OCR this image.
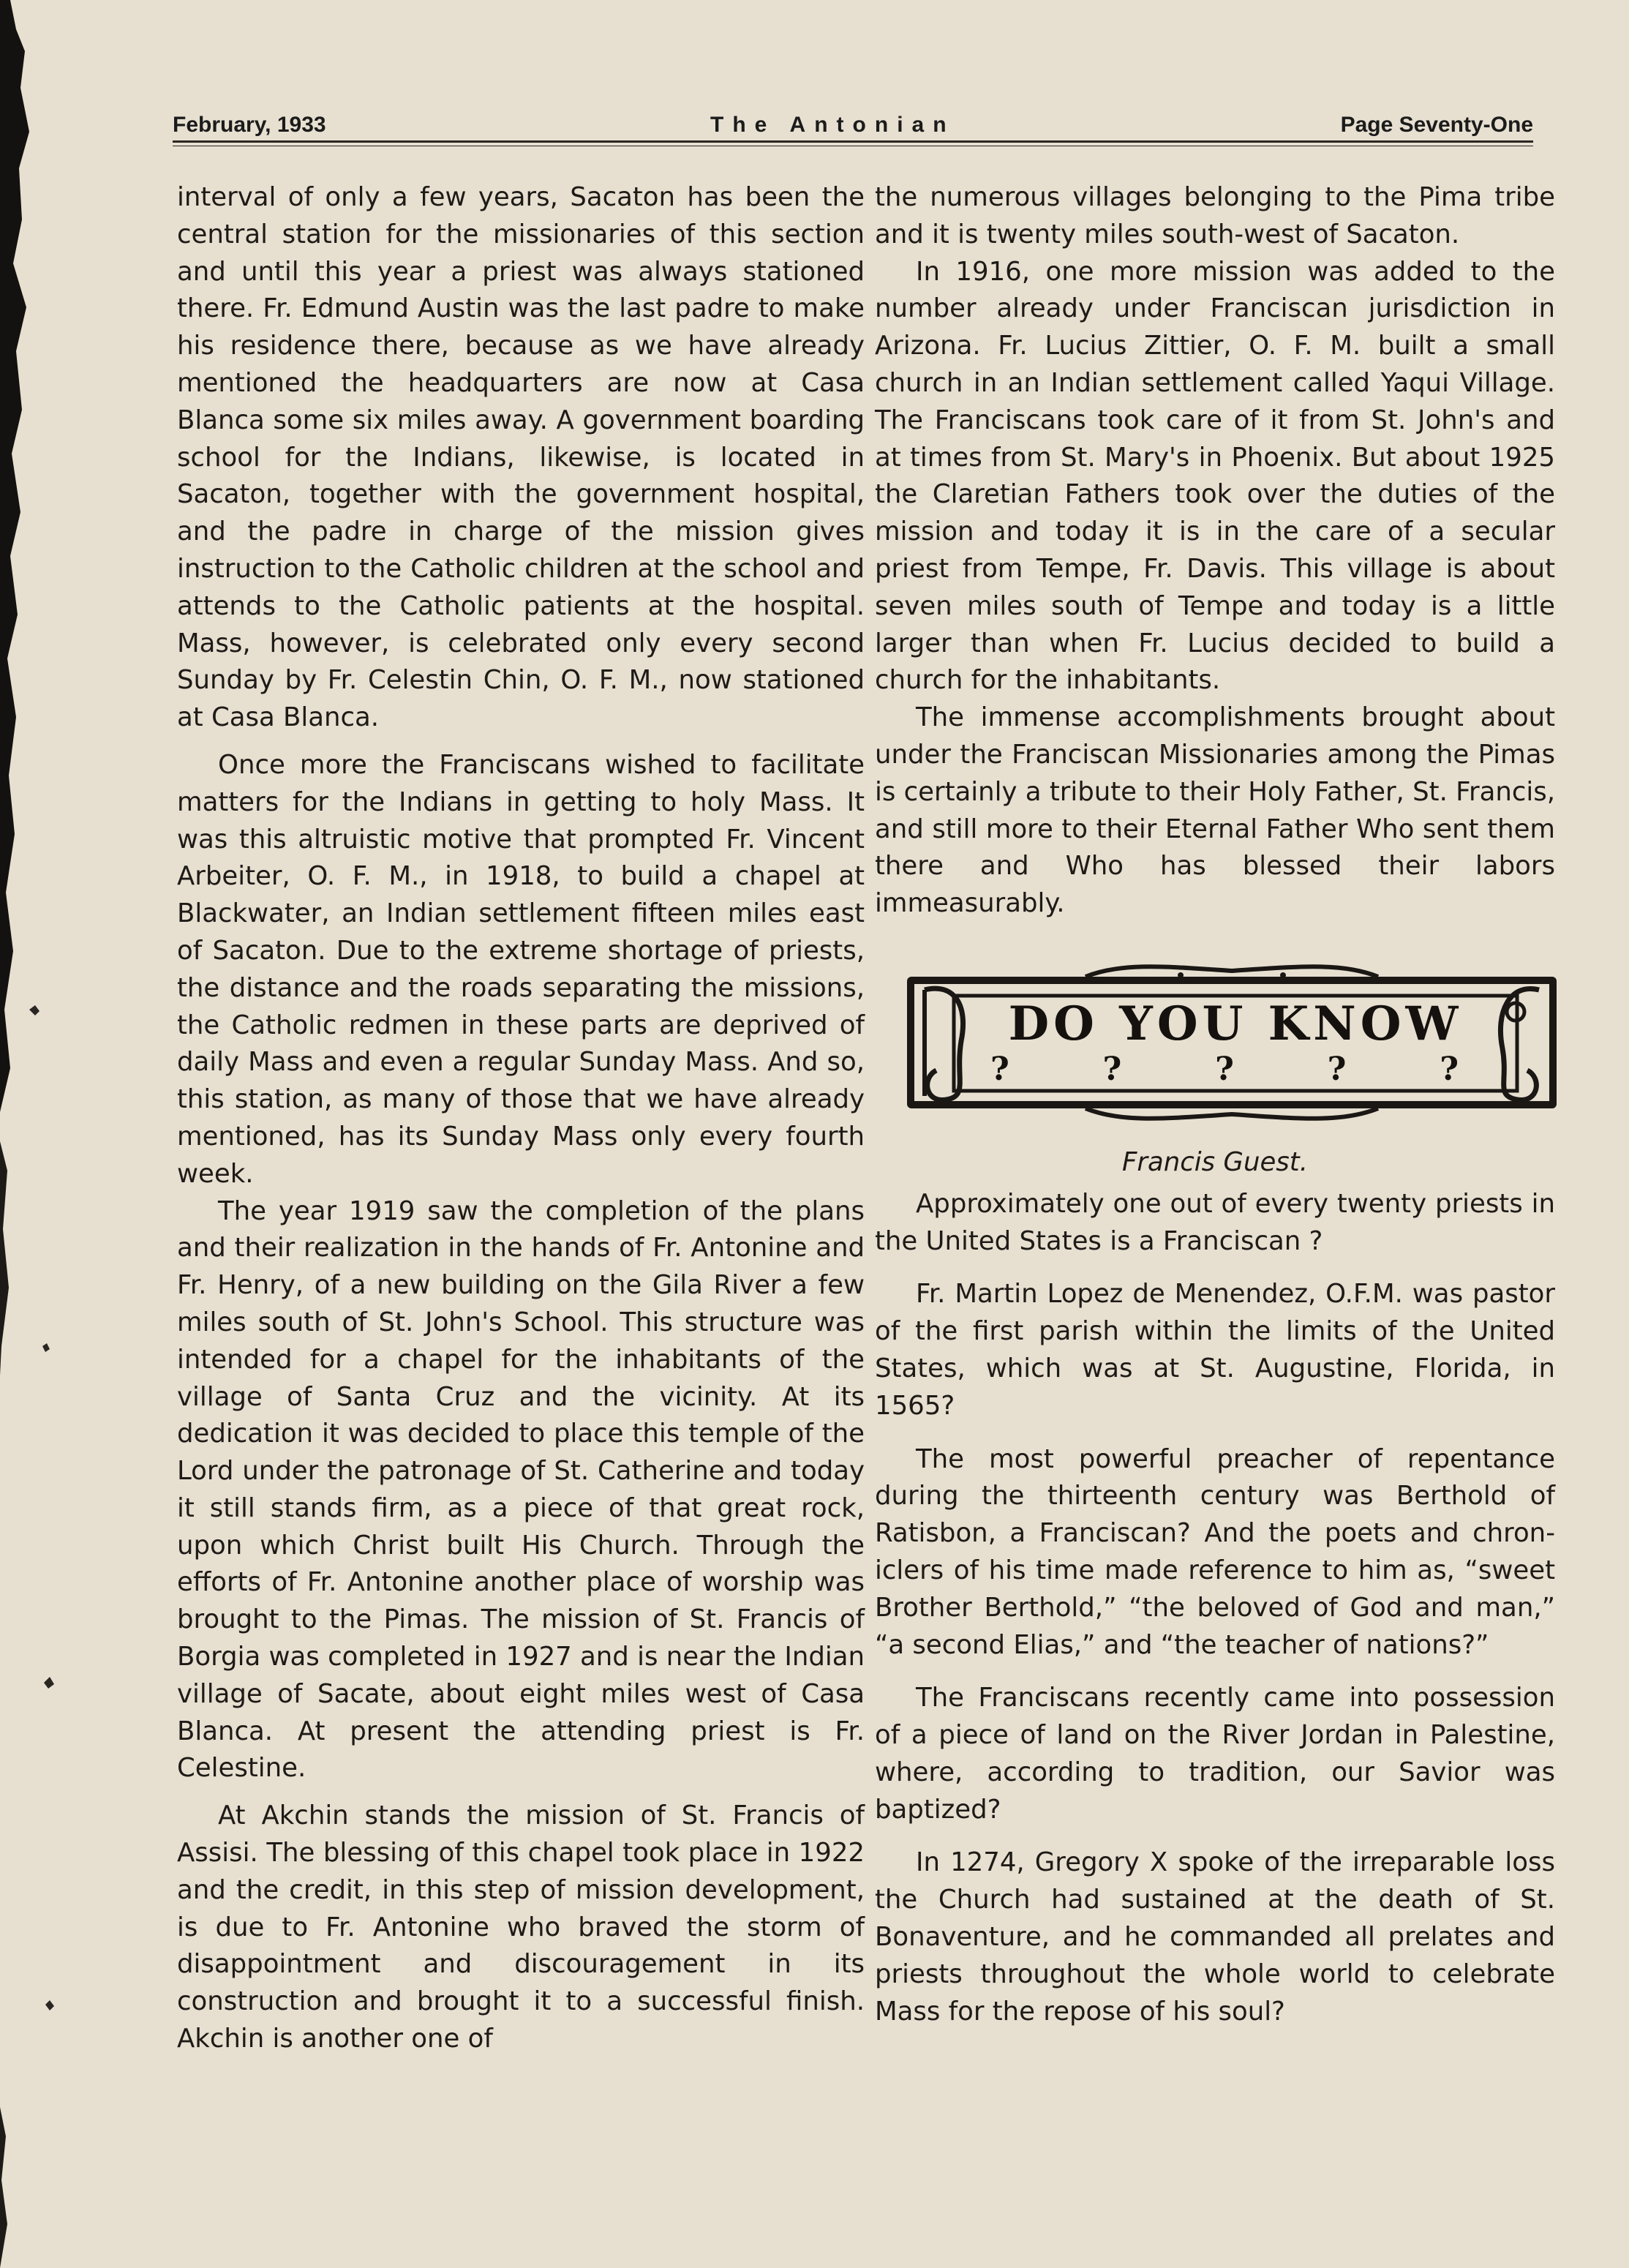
February, 1933	The Antonian	Page Seventy-One

interval of only a few years, Sacaton has been the central station for the missionaries of this section and until this year a priest was always stationed there. Fr. Edmund Austin was the last padre to make his residence there, because as we have already mentioned the headquarters are now at Casa Blanca some six miles away. A government boarding school for the Indians, likewise, is located in Sacaton, together with the government hospital, and the padre in charge of the mission gives instruction to the Catholic children at the school and attends to the Catholic patients at the hospital. Mass, however, is celebrated only every second Sunday by Fr. Celestin Chin, O. F. M., now stationed at Casa Blanca.

Once more the Franciscans wished to facilitate matters for the Indians in getting to holy Mass. It was this altruistic motive that prompted Fr. Vincent Arbeiter, O. F. M., in 1918, to build a chapel at Blackwater, an Indian settlement fifteen miles east of Sacaton. Due to the extreme shortage of priests, the distance and the roads separating the missions, the Catholic redmen in these parts are deprived of daily Mass and even a regular Sunday Mass. And so, this station, as many of those that we have already mentioned, has its Sunday Mass only every fourth week.

The year 1919 saw the completion of the plans and their realization in the hands of Fr. Antonine and Fr. Henry, of a new building on the Gila River a few miles south of St. John's School. This structure was intended for a chapel for the inhabitants of the village of Santa Cruz and the vicinity. At its dedication it was decided to place this temple of the Lord under the patronage of St. Catherine and today it still stands firm, as a piece of that great rock, upon which Christ built His Church. Through the efforts of Fr. Antonine another place of worship was brought to the Pimas. The mission of St. Francis of Borgia was completed in 1927 and is near the Indian village of Sacate, about eight miles west of Casa Blanca. At present the attending priest is Fr. Celestine.

At Akchin stands the mission of St. Francis of Assisi. The blessing of this chapel took place in 1922 and the credit, in this step of mission development, is due to Fr. Antonine who braved the storm of disappointment and discouragement in its construction and brought it to a successful finish. Akchin is another one of

the numerous villages belonging to the Pima tribe and it is twenty miles south-west of Sacaton.

In 1916, one more mission was added to the number already under Franciscan jurisdiction in Arizona. Fr. Lucius Zittier, O. F. M. built a small church in an Indian settlement called Yaqui Village. The Franciscans took care of it from St. John's and at times from St. Mary's in Phoenix. But about 1925 the Claretian Fathers took over the duties of the mission and today it is in the care of a secular priest from Tempe, Fr. Davis. This village is about seven miles south of Tempe and today is a little larger than when Fr. Lucius decided to build a church for the inhabitants.

The immense accomplishments brought about under the Franciscan Missionaries among the Pimas is certainly a tribute to their Holy Father, St. Francis, and still more to their Eternal Father Who sent them there and Who has blessed their labors immeasurably.

DO YOU KNOW
?	?	?	?	?
Francis Guest.

Approximately one out of every twenty priests in the United States is a Franciscan ?

Fr. Martin Lopez de Menendez, O.F.M. was pastor of the first parish within the limits of the United States, which was at St. Augustine, Florida, in 1565?

The most powerful preacher of repentance during the thirteenth century was Berthold of Ratisbon, a Franciscan? And the poets and chroniclers of his time made reference to him as, “sweet Brother Berthold,” “the beloved of God and man,” “a second Elias,” and “the teacher of nations?”

The Franciscans recently came into possession of a piece of land on the River Jordan in Palestine, where, according to tradition, our Savior was baptized?

In 1274, Gregory X spoke of the irreparable loss the Church had sustained at the death of St. Bonaventure, and he commanded all prelates and priests throughout the whole world to celebrate Mass for the repose of his soul?
